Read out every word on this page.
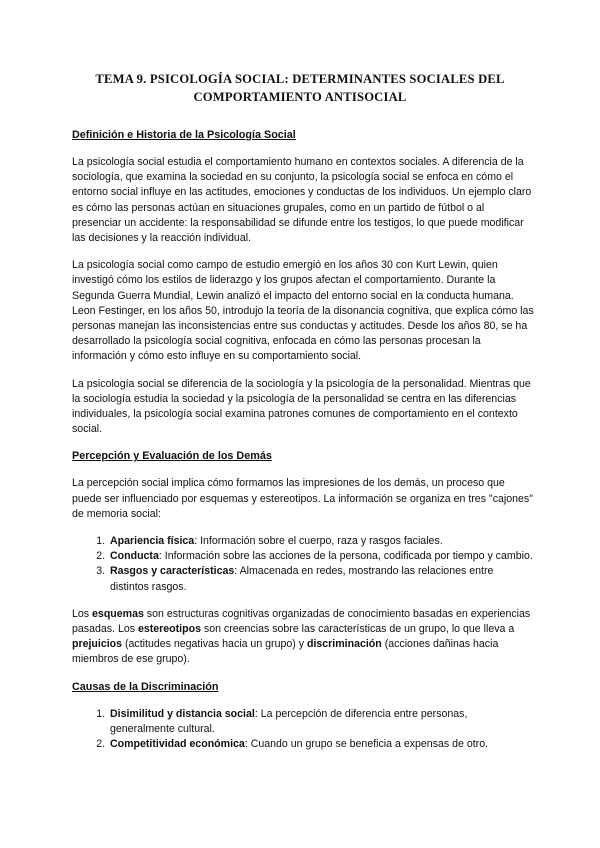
TEMA 9. PSICOLOGÍA SOCIAL: DETERMINANTES SOCIALES DEL
COMPORTAMIENTO ANTISOCIAL
Definición e Historia de la Psicología Social

La psicología social estudia el comportamiento humano en contextos sociales. A diferencia de la sociología, que examina la sociedad en su conjunto, la psicología social se enfoca en cómo el entorno social influye en las actitudes, emociones y conductas de los individuos. Un ejemplo claro es cómo las personas actúan en situaciones grupales, como en un partido de fútbol o al presenciar un accidente: la responsabilidad se difunde entre los testigos, lo que puede modificar las decisiones y la reacción individual.

La psicología social como campo de estudio emergió en los años 30 con Kurt Lewin, quien investigó cómo los estilos de liderazgo y los grupos afectan el comportamiento. Durante la Segunda Guerra Mundial, Lewin analizó el impacto del entorno social en la conducta humana. Leon Festinger, en los años 50, introdujo la teoría de la disonancia cognitiva, que explica cómo las personas manejan las inconsistencias entre sus conductas y actitudes. Desde los años 80, se ha desarrollado la psicología social cognitiva, enfocada en cómo las personas procesan la información y cómo esto influye en su comportamiento social.

La psicología social se diferencia de la sociología y la psicología de la personalidad. Mientras que la sociología estudia la sociedad y la psicología de la personalidad se centra en las diferencias individuales, la psicología social examina patrones comunes de comportamiento en el contexto social.

Percepción y Evaluación de los Demás

La percepción social implica cómo formamos las impresiones de los demás, un proceso que puede ser influenciado por esquemas y estereotipos. La información se organiza en tres "cajones" de memoria social:

1. Apariencia física: Información sobre el cuerpo, raza y rasgos faciales.
2. Conducta: Información sobre las acciones de la persona, codificada por tiempo y cambio.
3. Rasgos y características: Almacenada en redes, mostrando las relaciones entre distintos rasgos.

Los esquemas son estructuras cognitivas organizadas de conocimiento basadas en experiencias pasadas. Los estereotipos son creencias sobre las características de un grupo, lo que lleva a prejuicios (actitudes negativas hacia un grupo) y discriminación (acciones dañinas hacia miembros de ese grupo).

Causas de la Discriminación
1. Disimilitud y distancia social: La percepción de diferencia entre personas, generalmente cultural.
2. Competitividad económica: Cuando un grupo se beneficia a expensas de otro.
